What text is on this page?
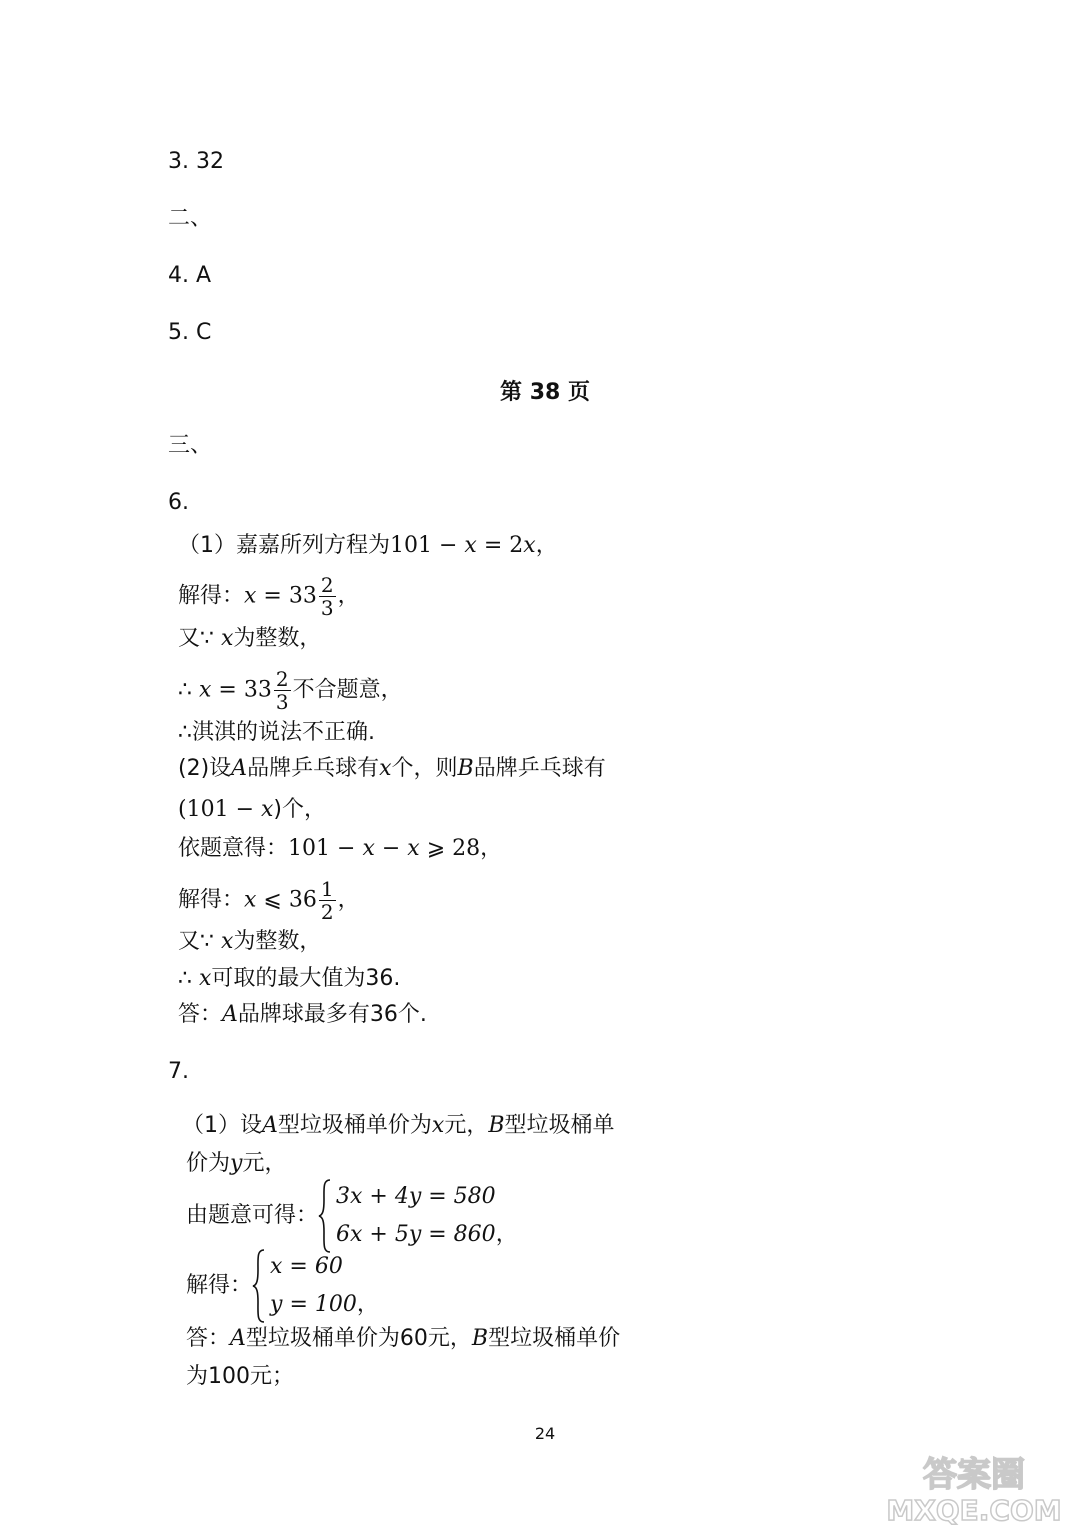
3. 32
二、
4. A
5. C
第 38 页
三、
6.
（1）嘉嘉所列方程为101 − x = 2x，
解得：$x = 33 \frac{2}{3}$ ，
又∵ x为整数，
∴ $x = 33 \frac{2}{3}$ 不合题意，
∴淇淇的说法不正确.
(2)设A品牌乒乓球有x个，则B品牌乒乓球有
(101 − x)个，
依题意得：101 − x − x ⩾ 28，
解得：x ⩽ $36 \frac{1}{2}$ ，
又∵ x为整数，
∴ x可取的最大值为36.
答：A品牌球最多有36个.
7.
（1）设A型垃圾桶单价为x元，B型垃圾桶单
价为y元，
由题意可得：
3x + 4y = 580
6x + 5y = 860 ，
解得：
x = 60
y = 100 ，
答：A型垃圾桶单价为60元，B型垃圾桶单价
为100元；
24
答案圈
MXQE.COM
